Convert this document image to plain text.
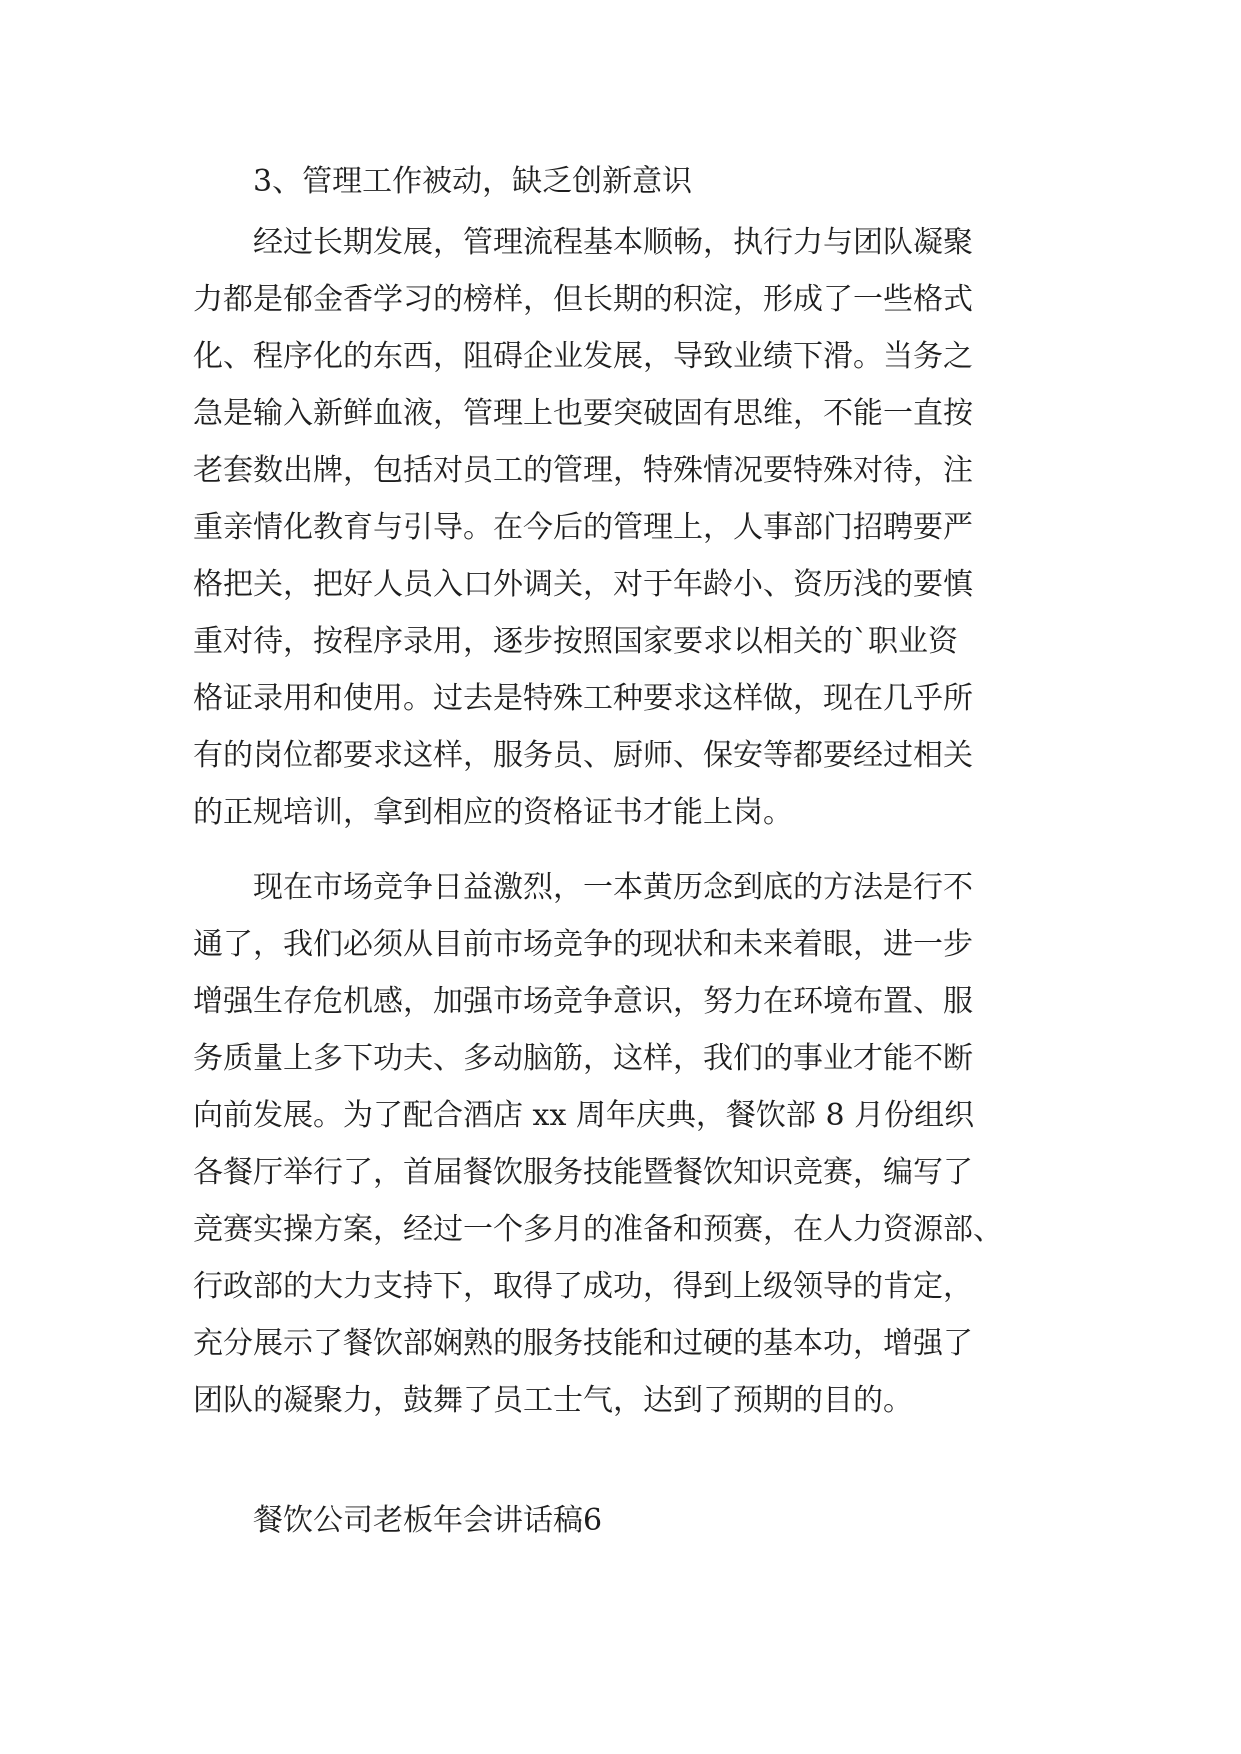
3、管理工作被动，缺乏创新意识
经过长期发展，管理流程基本顺畅，执行力与团队凝聚
力都是郁金香学习的榜样，但长期的积淀，形成了一些格式
化、程序化的东西，阻碍企业发展，导致业绩下滑。当务之
急是输入新鲜血液，管理上也要突破固有思维，不能一直按
老套数出牌，包括对员工的管理，特殊情况要特殊对待，注
重亲情化教育与引导。在今后的管理上，人事部门招聘要严
格把关，把好人员入口外调关，对于年龄小、资历浅的要慎
重对待，按程序录用，逐步按照国家要求以相关的`职业资
格证录用和使用。过去是特殊工种要求这样做，现在几乎所
有的岗位都要求这样，服务员、厨师、保安等都要经过相关
的正规培训，拿到相应的资格证书才能上岗。
现在市场竞争日益激烈，一本黄历念到底的方法是行不
通了，我们必须从目前市场竞争的现状和未来着眼，进一步
增强生存危机感，加强市场竞争意识，努力在环境布置、服
务质量上多下功夫、多动脑筋，这样，我们的事业才能不断
向前发展。为了配合酒店 xx 周年庆典，餐饮部 8 月份组织
各餐厅举行了，首届餐饮服务技能暨餐饮知识竞赛，编写了
竞赛实操方案，经过一个多月的准备和预赛，在人力资源部、
行政部的大力支持下，取得了成功，得到上级领导的肯定，
充分展示了餐饮部娴熟的服务技能和过硬的基本功，增强了
团队的凝聚力，鼓舞了员工士气，达到了预期的目的。
餐饮公司老板年会讲话稿6
